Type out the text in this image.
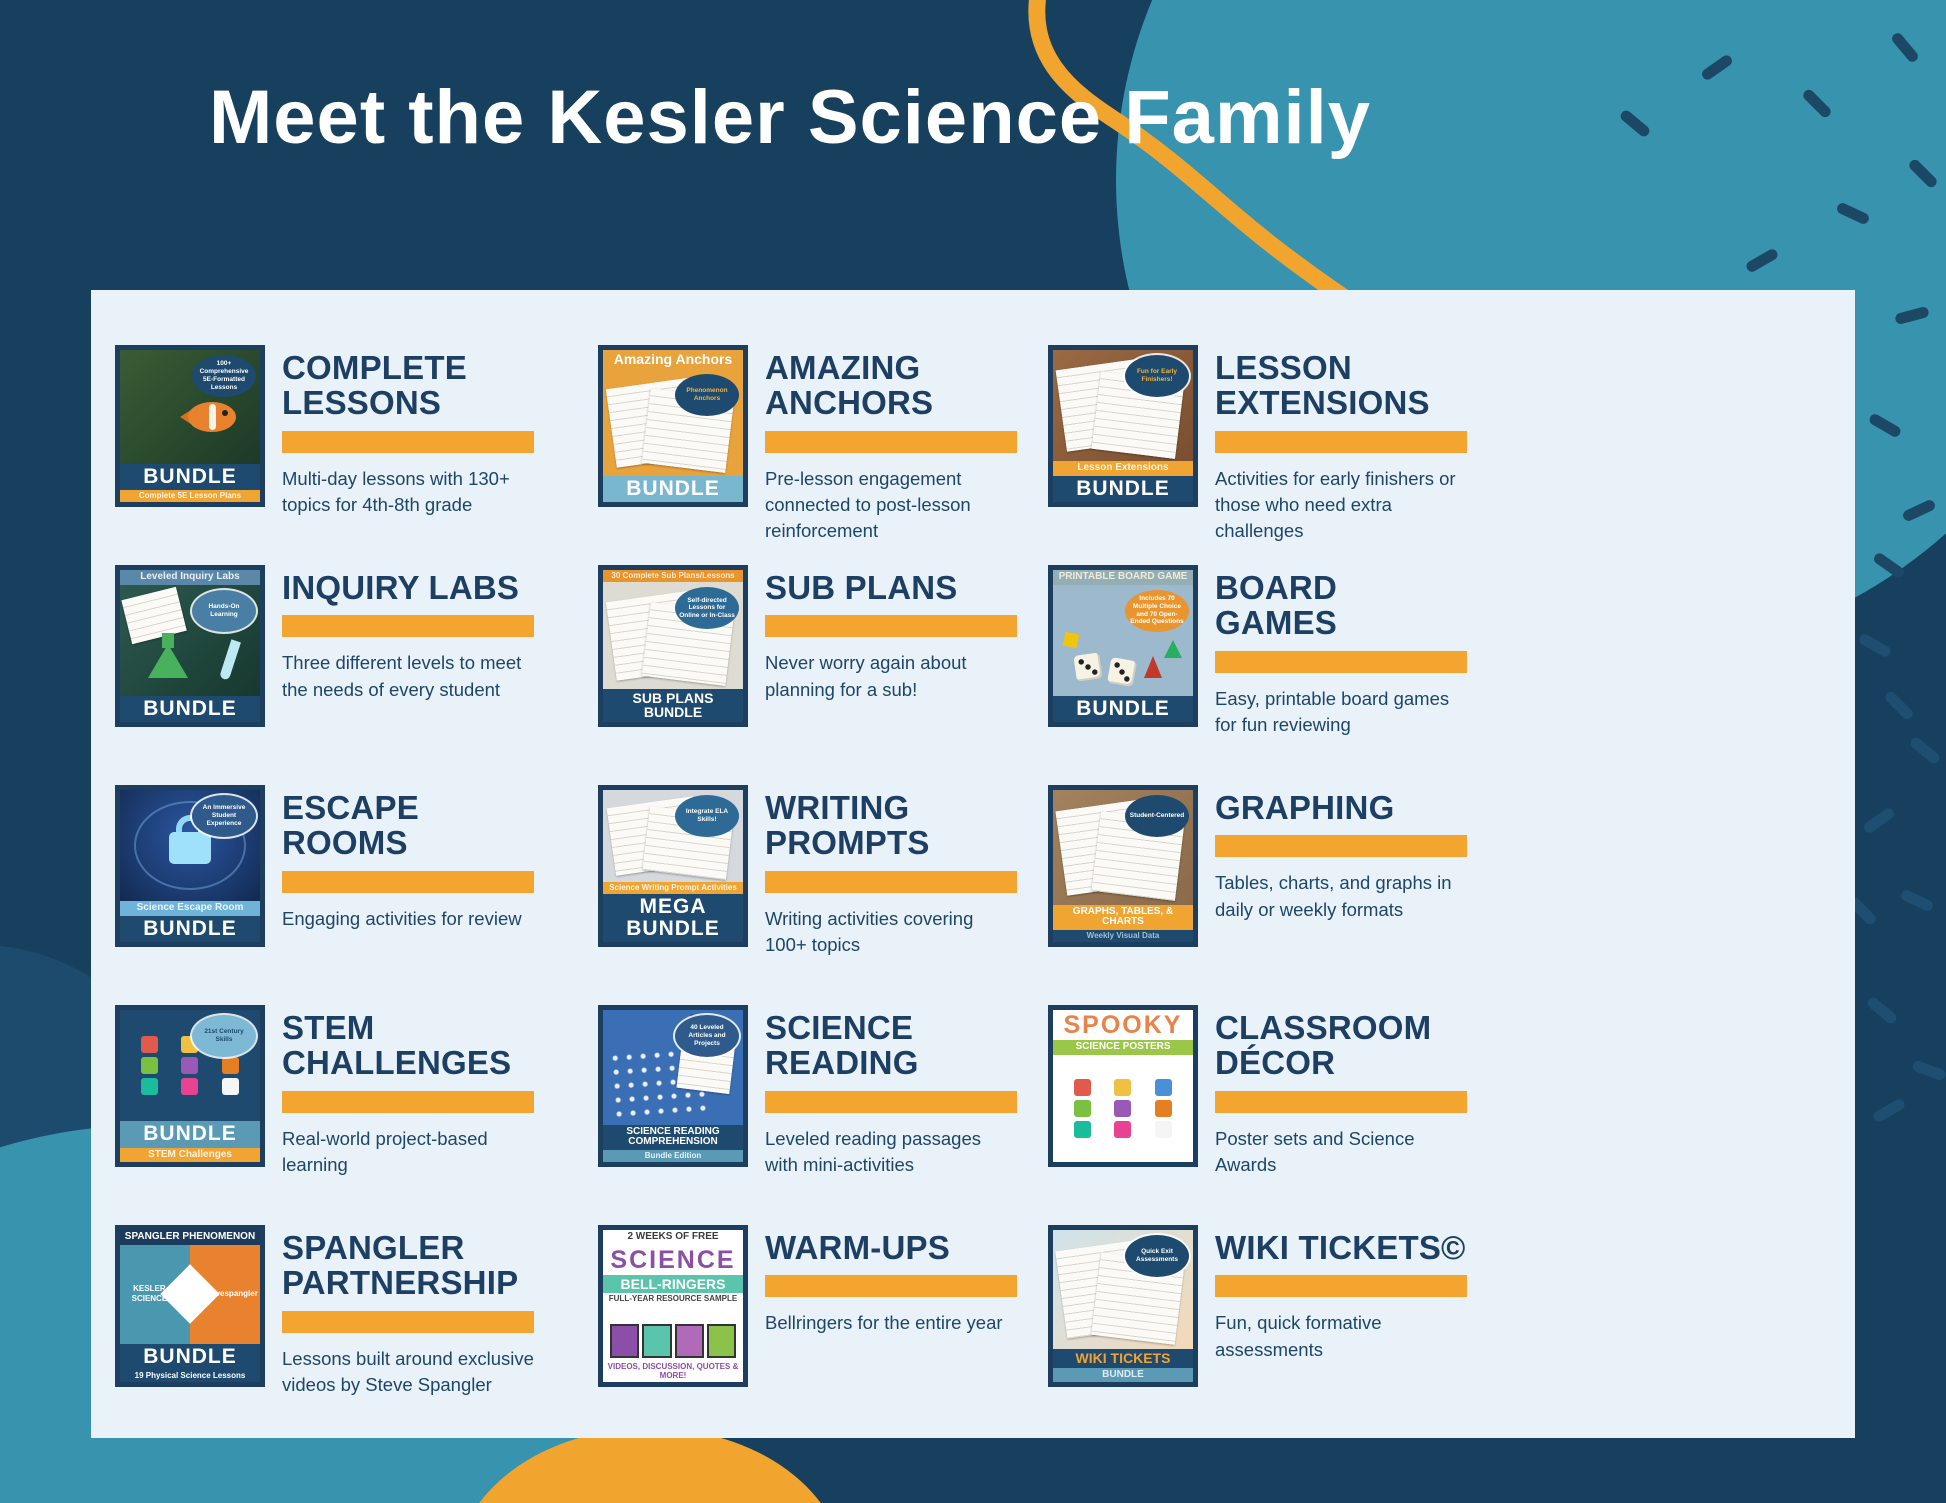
Meet the Kesler Science Family
100+ Comprehensive 5E-Formatted Lessons
BUNDLE
Complete 5E Lesson Plans
COMPLETE LESSONS

Multi-day lessons with 130+ topics for 4th-8th grade

Amazing Anchors
Phenomenon Anchors
BUNDLE
AMAZING ANCHORS

Pre-lesson engagement connected to post-lesson reinforcement

Fun for Early Finishers!
Lesson Extensions
BUNDLE
LESSON EXTENSIONS

Activities for early finishers or those who need extra challenges

Leveled Inquiry Labs
Hands-On Learning
BUNDLE
INQUIRY LABS

Three different levels to meet the needs of every student

30 Complete Sub Plans/Lessons
Self-directed Lessons for Online or In-Class
SUB PLANS BUNDLE
SUB PLANS

Never worry again about planning for a sub!

PRINTABLE BOARD GAME
Includes 70 Multiple Choice and 70 Open-Ended Questions
BUNDLE
BOARD GAMES

Easy, printable board games for fun reviewing

An Immersive Student Experience
Science Escape Room
BUNDLE
ESCAPE ROOMS

Engaging activities for review

Integrate ELA Skills!
Science Writing Prompt Activities
MEGA BUNDLE
WRITING PROMPTS

Writing activities covering 100+ topics

Student-Centered
GRAPHS, TABLES, & CHARTS
Weekly Visual Data
GRAPHING

Tables, charts, and graphs in daily or weekly formats

21st Century Skills
BUNDLE
STEM Challenges
STEM CHALLENGES

Real-world project-based learning

40 Leveled Articles and Projects
SCIENCE READING COMPREHENSION
Bundle Edition
SCIENCE READING

Leveled reading passages with mini-activities

SPOOKY
SCIENCE POSTERS
CLASSROOM DÉCOR

Poster sets and Science Awards

SPANGLER PHENOMENON
KESLER SCIENCE
stevespangler
BUNDLE
19 Physical Science Lessons
SPANGLER PARTNERSHIP

Lessons built around exclusive videos by Steve Spangler

2 WEEKS OF FREE
SCIENCE
BELL-RINGERS
FULL-YEAR RESOURCE SAMPLE
VIDEOS, DISCUSSION, QUOTES & MORE!
WARM-UPS

Bellringers for the entire year

Quick Exit Assessments
WIKI TICKETS
BUNDLE
WIKI TICKETS©

Fun, quick formative assessments
